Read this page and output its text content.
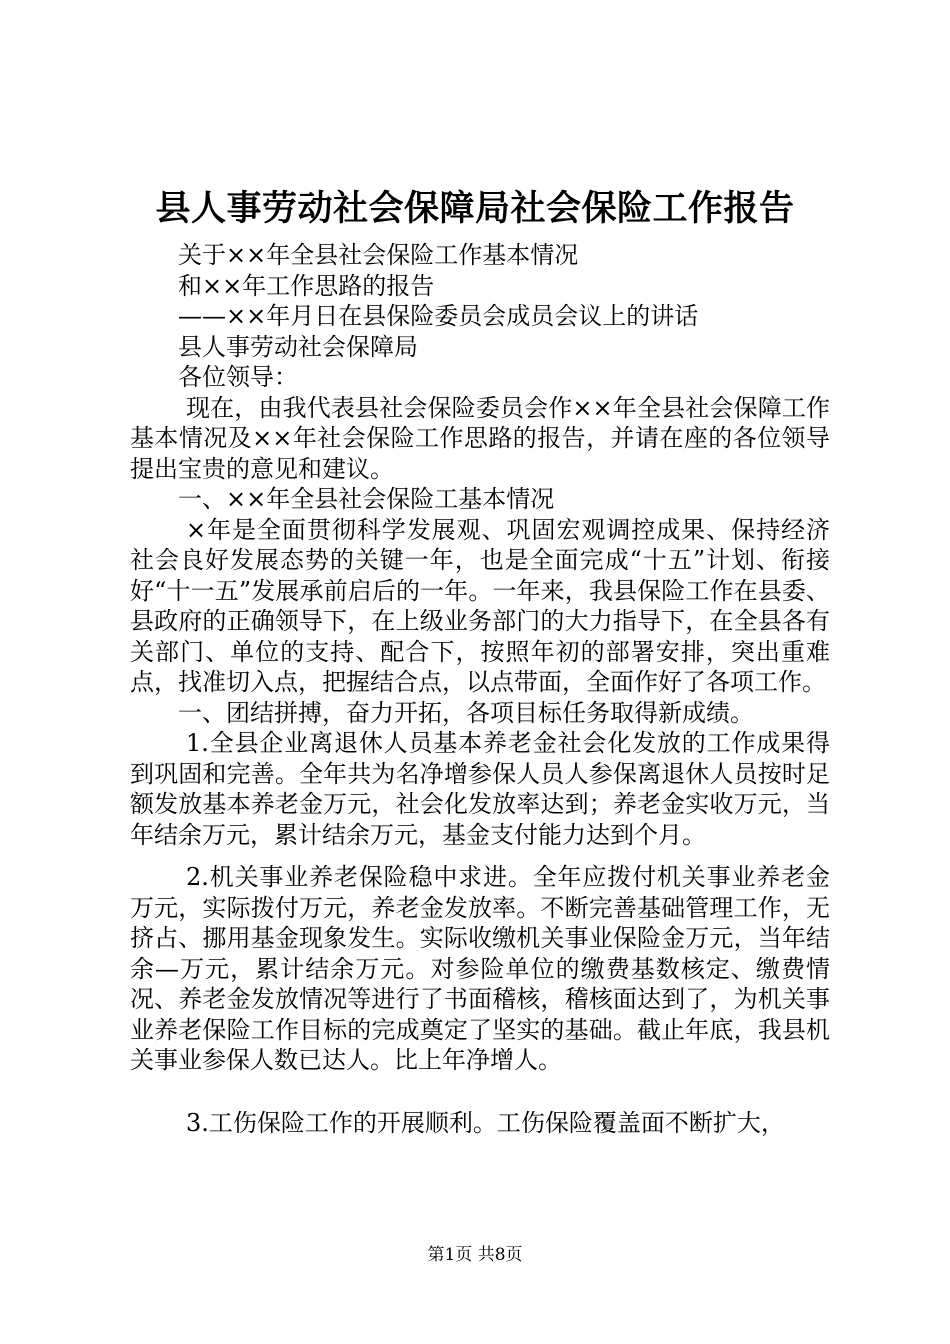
县人事劳动社会保障局社会保险工作报告

关于××年全县社会保险工作基本情况

和××年工作思路的报告

——××年月日在县保险委员会成员会议上的讲话

县人事劳动社会保障局

各位领导：

现在，由我代表县社会保险委员会作××年全县社会保障工作基本情况及××年社会保险工作思路的报告，并请在座的各位领导提出宝贵的意见和建议。

一、××年全县社会保险工基本情况

×年是全面贯彻科学发展观、巩固宏观调控成果、保持经济社会良好发展态势的关键一年，也是全面完成“十五”计划、衔接好“十一五”发展承前启后的一年。一年来，我县保险工作在县委、县政府的正确领导下，在上级业务部门的大力指导下，在全县各有关部门、单位的支持、配合下，按照年初的部署安排，突出重难点，找准切入点，把握结合点，以点带面，全面作好了各项工作。

一、团结拼搏，奋力开拓，各项目标任务取得新成绩。

1.全县企业离退休人员基本养老金社会化发放的工作成果得到巩固和完善。全年共为名净增参保人员人参保离退休人员按时足额发放基本养老金万元，社会化发放率达到；养老金实收万元，当年结余万元，累计结余万元，基金支付能力达到个月。

2.机关事业养老保险稳中求进。全年应拨付机关事业养老金万元，实际拨付万元，养老金发放率。不断完善基础管理工作，无挤占、挪用基金现象发生。实际收缴机关事业保险金万元，当年结余—万元，累计结余万元。对参险单位的缴费基数核定、缴费情况、养老金发放情况等进行了书面稽核，稽核面达到了，为机关事业养老保险工作目标的完成奠定了坚实的基础。截止年底，我县机关事业参保人数已达人。比上年净增人。

3.工伤保险工作的开展顺利。工伤保险覆盖面不断扩大，

第1页 共8页
